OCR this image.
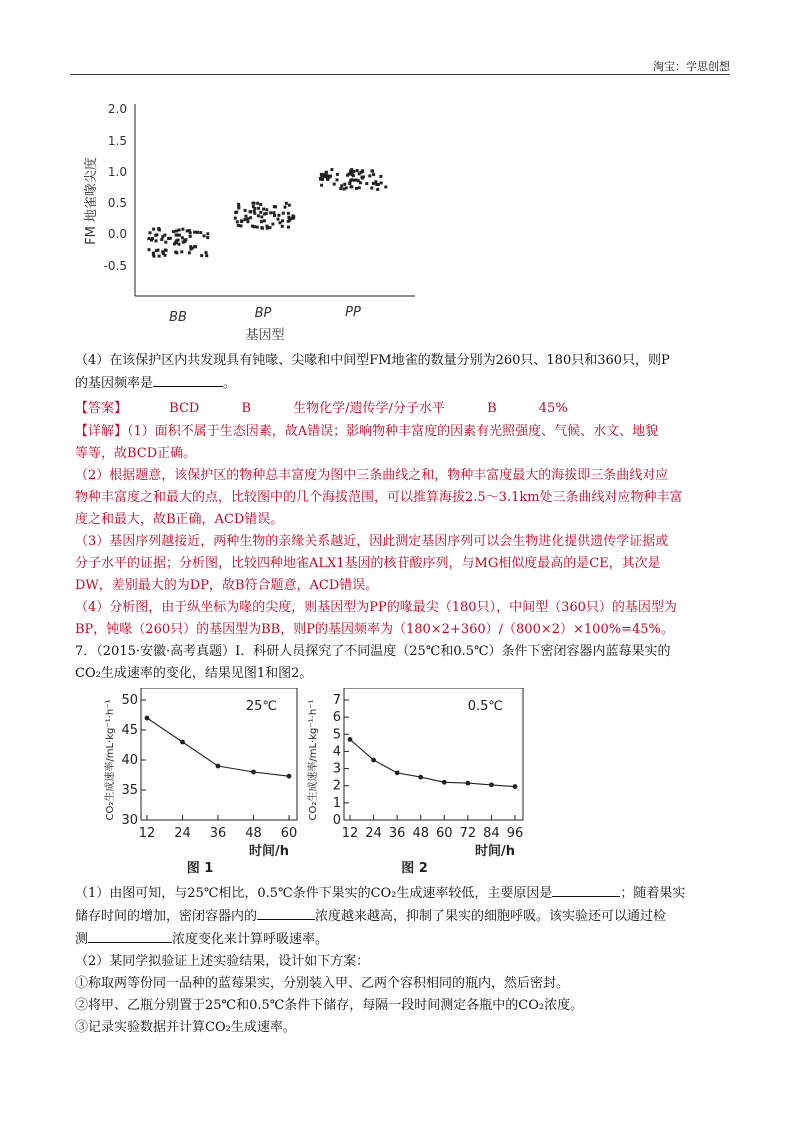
淘宝：学思创想
2.0
1.5
1.0
0.5
0.0
-0.5
FM 地雀喙尖度
BB	BP	PP
基因型
（4）在该保护区内共发现具有钝喙、尖喙和中间型FM地雀的数量分别为260只、180只和360只，则P
的基因频率是	。
【答案】	BCD	B	生物化学/遗传学/分子水平	B	45%
【详解】（1）面积不属于生态因素，故A错误；影响物种丰富度的因素有光照强度、气候、水文、地貌
等等，故BCD正确。
（2）根据题意，该保护区的物种总丰富度为图中三条曲线之和，物种丰富度最大的海拔即三条曲线对应
物种丰富度之和最大的点，比较图中的几个海拔范围，可以推算海拔2.5～3.1km处三条曲线对应物种丰富
度之和最大，故B正确，ACD错误。
（3）基因序列越接近，两种生物的亲缘关系越近，因此测定基因序列可以会生物进化提供遗传学证据或
分子水平的证据；分析图，比较四种地雀ALX1基因的核苷酸序列，与MG相似度最高的是CE，其次是
DW，差别最大的为DP，故B符合题意，ACD错误。
（4）分析图，由于纵坐标为喙的尖度，则基因型为PP的喙最尖（180只），中间型（360只）的基因型为
BP，钝喙（260只）的基因型为BB，则P的基因频率为（180×2+360）/（800×2）×100%=45%。
7．（2015·安徽·高考真题）Ⅰ．科研人员探究了不同温度（25℃和0.5℃）条件下密闭容器内蓝莓果实的
CO₂生成速率的变化，结果见图1和图2。
30
35
40
45
50
12 24 36 48 60
25℃
CO₂生成速率/mL·kg⁻¹·h⁻¹
时间/h
图 1
0
1
2
3
4
5
6
7
12 24 36 48 60 72 84 96
0.5℃
CO₂生成速率/mL·kg⁻¹·h⁻¹
时间/h
图 2
（1）由图可知，与25℃相比，0.5℃条件下果实的CO₂生成速率较低，主要原因是	；随着果实
储存时间的增加，密闭容器内的	浓度越来越高，抑制了果实的细胞呼吸。该实验还可以通过检
测	浓度变化来计算呼吸速率。
（2）某同学拟验证上述实验结果，设计如下方案：
①称取两等份同一品种的蓝莓果实，分别装入甲、乙两个容积相同的瓶内，然后密封。
②将甲、乙瓶分别置于25℃和0.5℃条件下储存，每隔一段时间测定各瓶中的CO₂浓度。
③记录实验数据并计算CO₂生成速率。
